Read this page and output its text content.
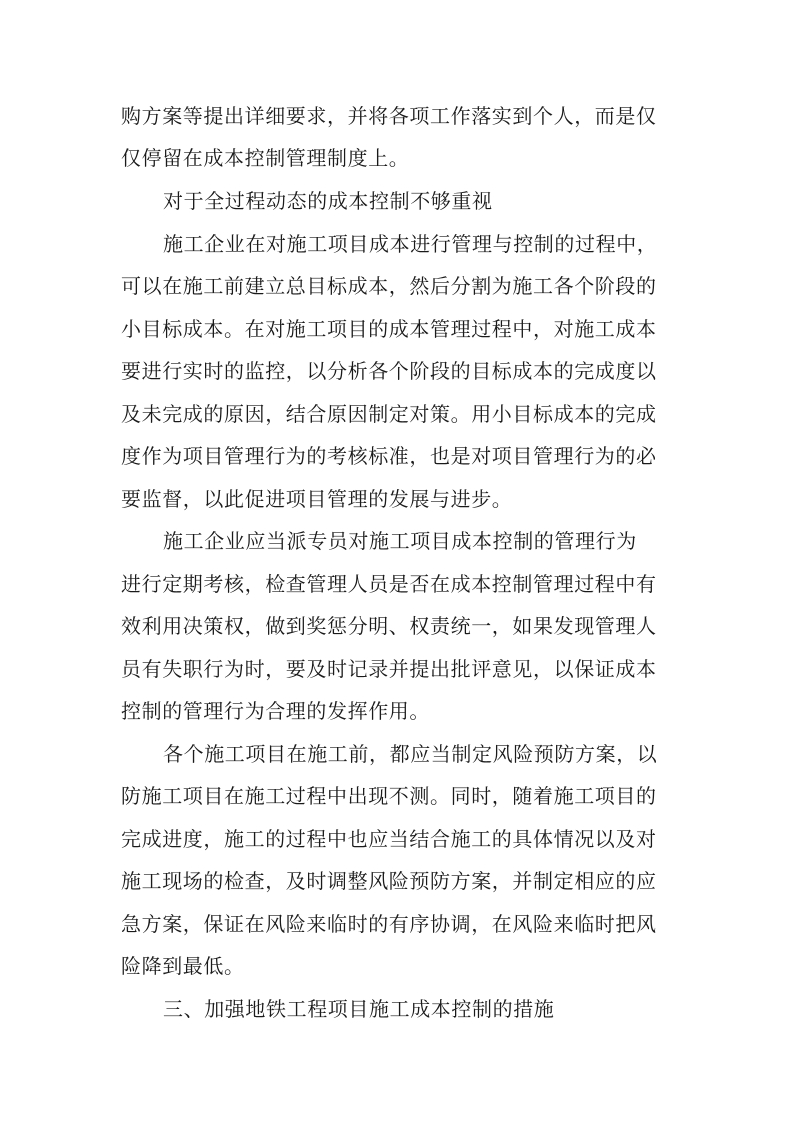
购方案等提出详细要求，并将各项工作落实到个人，而是仅
仅停留在成本控制管理制度上。
对于全过程动态的成本控制不够重视
施工企业在对施工项目成本进行管理与控制的过程中，
可以在施工前建立总目标成本，然后分割为施工各个阶段的
小目标成本。在对施工项目的成本管理过程中，对施工成本
要进行实时的监控，以分析各个阶段的目标成本的完成度以
及未完成的原因，结合原因制定对策。用小目标成本的完成
度作为项目管理行为的考核标准，也是对项目管理行为的必
要监督，以此促进项目管理的发展与进步。
施工企业应当派专员对施工项目成本控制的管理行为
进行定期考核，检查管理人员是否在成本控制管理过程中有
效利用决策权，做到奖惩分明、权责统一，如果发现管理人
员有失职行为时，要及时记录并提出批评意见，以保证成本
控制的管理行为合理的发挥作用。
各个施工项目在施工前，都应当制定风险预防方案，以
防施工项目在施工过程中出现不测。同时，随着施工项目的
完成进度，施工的过程中也应当结合施工的具体情况以及对
施工现场的检查，及时调整风险预防方案，并制定相应的应
急方案，保证在风险来临时的有序协调，在风险来临时把风
险降到最低。
三、加强地铁工程项目施工成本控制的措施
